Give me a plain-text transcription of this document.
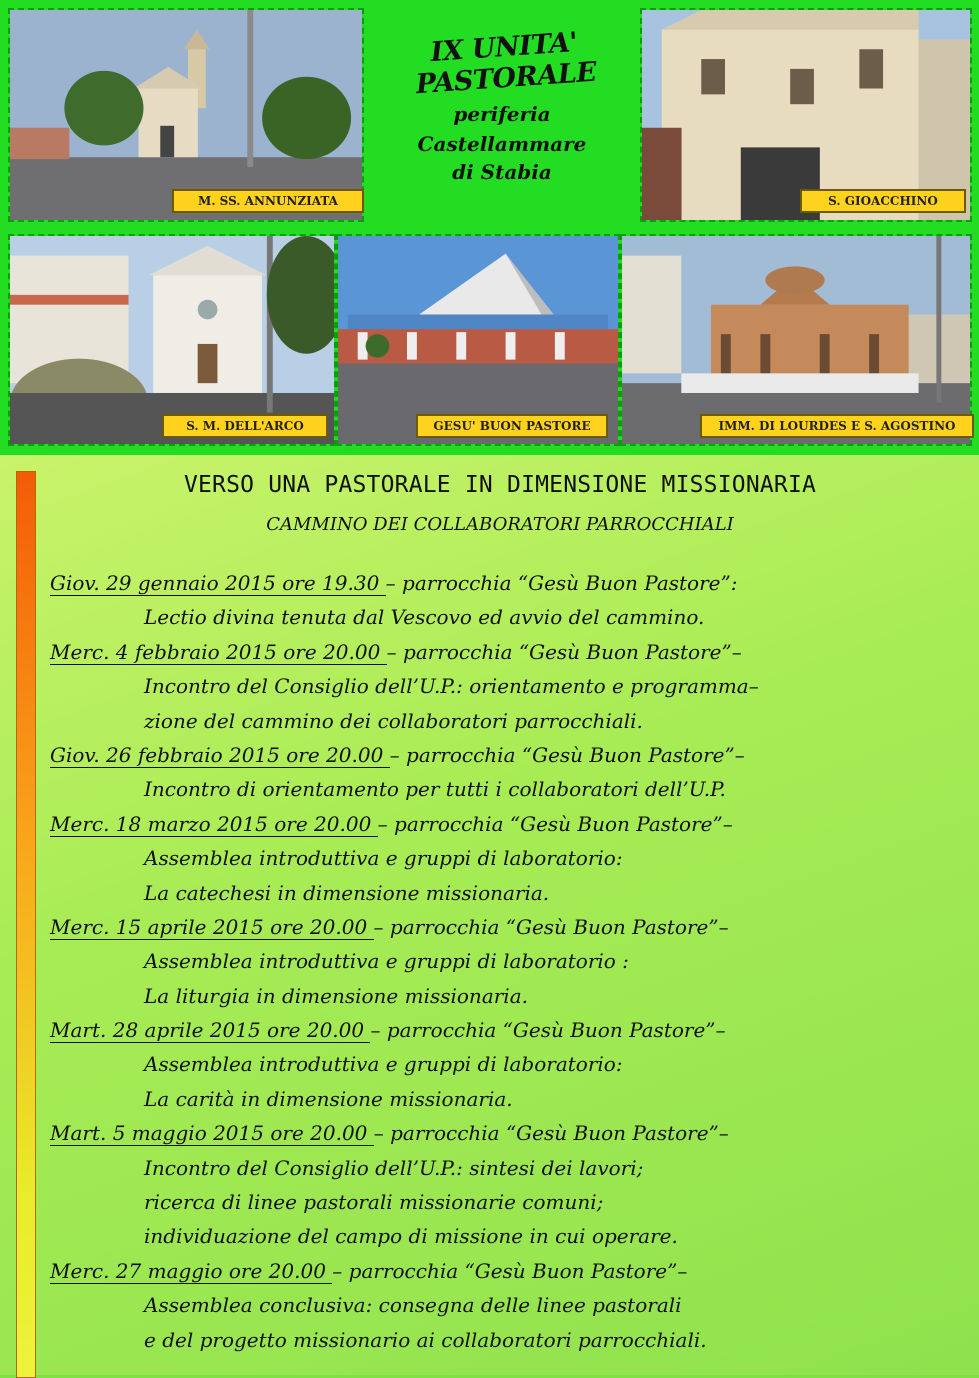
M. SS. ANNUNZIATA
IX UNITA' PASTORALE
periferia
Castellammare
di Stabia
S. GIOACCHINO
S. M. DELL'ARCO	GESU' BUON PASTORE	IMM. DI LOURDES E S. AGOSTINO
VERSO UNA PASTORALE IN DIMENSIONE MISSIONARIA
CAMMINO DEI COLLABORATORI PARROCCHIALI
Giov. 29 gennaio 2015 ore 19.30 – parrocchia “Gesù Buon Pastore”:
Lectio divina tenuta dal Vescovo ed avvio del cammino.
Merc. 4 febbraio 2015 ore 20.00 – parrocchia “Gesù Buon Pastore”–
Incontro del Consiglio dell’U.P.: orientamento e programma–
zione del cammino dei collaboratori parrocchiali.
Giov. 26 febbraio 2015 ore 20.00 – parrocchia “Gesù Buon Pastore”–
Incontro di orientamento per tutti i collaboratori dell’U.P.
Merc. 18 marzo 2015 ore 20.00 – parrocchia “Gesù Buon Pastore”–
Assemblea introduttiva e gruppi di laboratorio:
La catechesi in dimensione missionaria.
Merc. 15 aprile 2015 ore 20.00 – parrocchia “Gesù Buon Pastore”–
Assemblea introduttiva e gruppi di laboratorio :
La liturgia in dimensione missionaria.
Mart. 28 aprile 2015 ore 20.00 – parrocchia “Gesù Buon Pastore”–
Assemblea introduttiva e gruppi di laboratorio:
La carità in dimensione missionaria.
Mart. 5 maggio 2015 ore 20.00 – parrocchia “Gesù Buon Pastore”–
Incontro del Consiglio dell’U.P.: sintesi dei lavori;
ricerca di linee pastorali missionarie comuni;
individuazione del campo di missione in cui operare.
Merc. 27 maggio ore 20.00 – parrocchia “Gesù Buon Pastore”–
Assemblea conclusiva: consegna delle linee pastorali
e del progetto missionario ai collaboratori parrocchiali.
